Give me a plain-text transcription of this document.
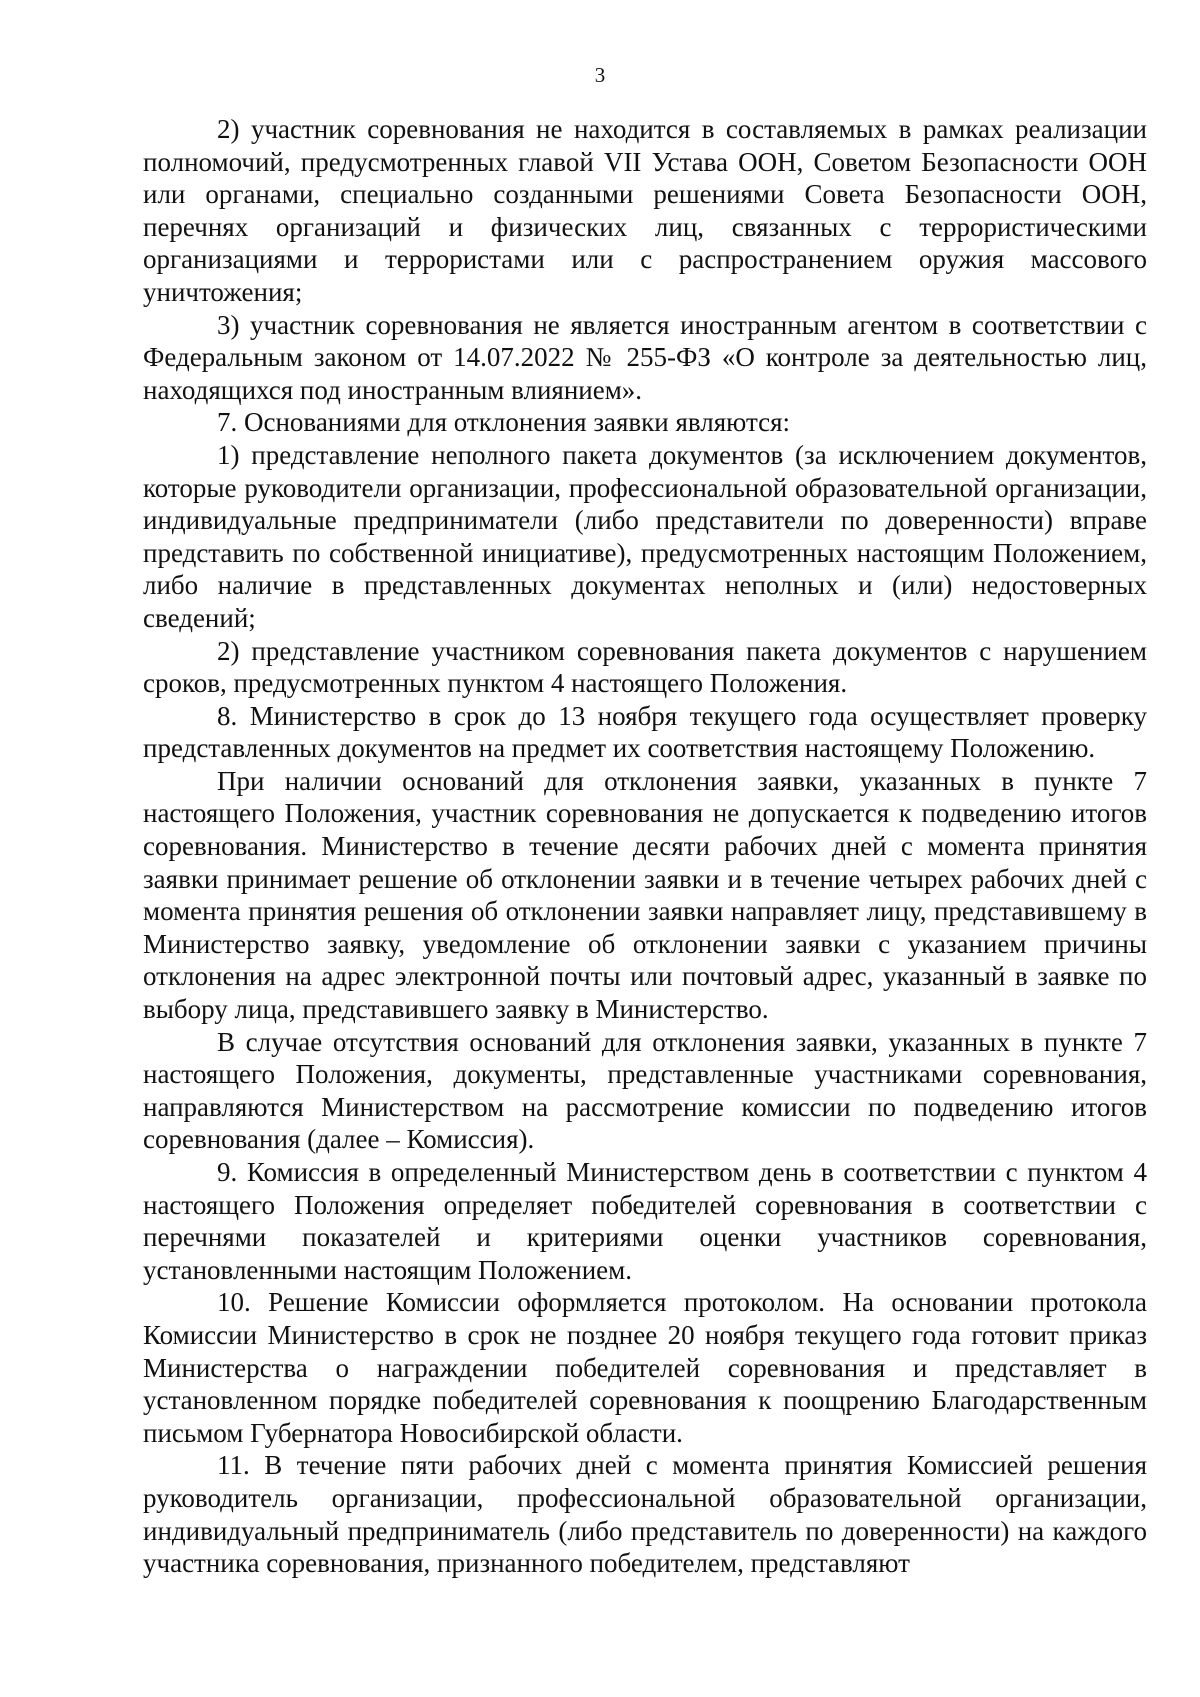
3

2) участник соревнования не находится в составляемых в рамках реализации полномочий, предусмотренных главой VII Устава ООН, Советом Безопасности ООН или органами, специально созданными решениями Совета Безопасности ООН, перечнях организаций и физических лиц, связанных с террористическими организациями и террористами или с распространением оружия массового уничтожения;

3) участник соревнования не является иностранным агентом в соответствии с Федеральным законом от 14.07.2022 № 255-ФЗ «О контроле за деятельностью лиц, находящихся под иностранным влиянием».

7. Основаниями для отклонения заявки являются:

1) представление неполного пакета документов (за исключением документов, которые руководители организации, профессиональной образовательной организации, индивидуальные предприниматели (либо представители по доверенности) вправе представить по собственной инициативе), предусмотренных настоящим Положением, либо наличие в представленных документах неполных и (или) недостоверных сведений;

2) представление участником соревнования пакета документов с нарушением сроков, предусмотренных пунктом 4 настоящего Положения.

8. Министерство в срок до 13 ноября текущего года осуществляет проверку представленных документов на предмет их соответствия настоящему Положению.

При наличии оснований для отклонения заявки, указанных в пункте 7 настоящего Положения, участник соревнования не допускается к подведению итогов соревнования. Министерство в течение десяти рабочих дней с момента принятия заявки принимает решение об отклонении заявки и в течение четырех рабочих дней с момента принятия решения об отклонении заявки направляет лицу, представившему в Министерство заявку, уведомление об отклонении заявки с указанием причины отклонения на адрес электронной почты или почтовый адрес, указанный в заявке по выбору лица, представившего заявку в Министерство.

В случае отсутствия оснований для отклонения заявки, указанных в пункте 7 настоящего Положения, документы, представленные участниками соревнования, направляются Министерством на рассмотрение комиссии по подведению итогов соревнования (далее – Комиссия).

9. Комиссия в определенный Министерством день в соответствии с пунктом 4 настоящего Положения определяет победителей соревнования в соответствии с перечнями показателей и критериями оценки участников соревнования, установленными настоящим Положением.

10. Решение Комиссии оформляется протоколом. На основании протокола Комиссии Министерство в срок не позднее 20 ноября текущего года готовит приказ Министерства о награждении победителей соревнования и представляет в установленном порядке победителей соревнования к поощрению Благодарственным письмом Губернатора Новосибирской области.

11. В течение пяти рабочих дней с момента принятия Комиссией решения руководитель организации, профессиональной образовательной организации, индивидуальный предприниматель (либо представитель по доверенности) на каждого участника соревнования, признанного победителем, представляют
